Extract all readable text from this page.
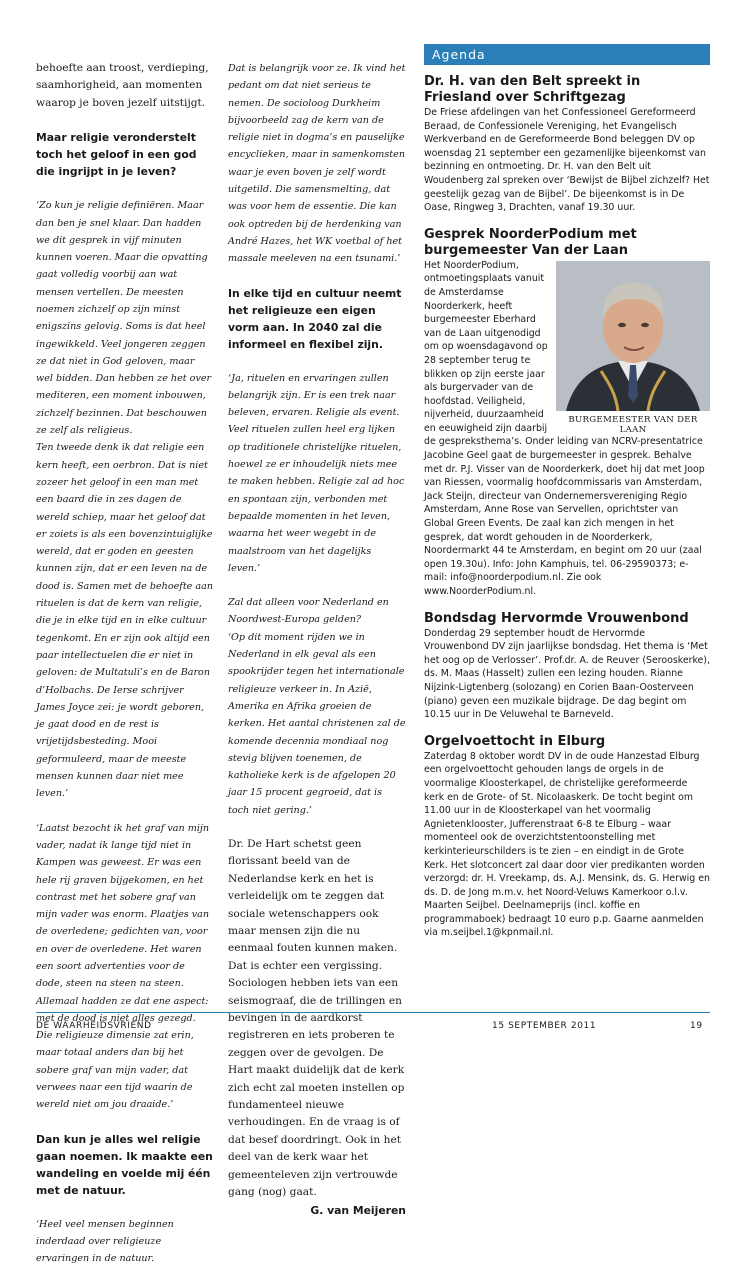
behoefte aan troost, verdieping, saamhorigheid, aan momenten waarop je boven jezelf uitstijgt.

Maar religie veronderstelt toch het geloof in een god die ingrijpt in je leven?

‘Zo kun je religie definiëren. Maar dan ben je snel klaar. Dan hadden we dit gesprek in vijf minuten kunnen voeren. Maar die opvatting gaat volledig voorbij aan wat mensen vertellen. De meesten noemen zichzelf op zijn minst enigszins gelovig. Soms is dat heel ingewikkeld. Veel jongeren zeggen ze dat niet in God geloven, maar wel bidden. Dan hebben ze het over mediteren, een moment inbouwen, zichzelf bezinnen. Dat beschouwen ze zelf als religieus.

Ten tweede denk ik dat religie een kern heeft, een oerbron. Dat is niet zozeer het geloof in een man met een baard die in zes dagen de wereld schiep, maar het geloof dat er zoiets is als een bovenzintuiglijke wereld, dat er goden en geesten kunnen zijn, dat er een leven na de dood is. Samen met de behoefte aan rituelen is dat de kern van religie, die je in elke tijd en in elke cultuur tegenkomt. En er zijn ook altijd een paar intellectuelen die er niet in geloven: de Multatuli’s en de Baron d’Holbachs. De Ierse schrijver James Joyce zei: je wordt geboren, je gaat dood en de rest is vrijetijdsbesteding. Mooi geformuleerd, maar de meeste mensen kunnen daar niet mee leven.’

‘Laatst bezocht ik het graf van mijn vader, nadat ik lange tijd niet in Kampen was geweest. Er was een hele rij graven bijgekomen, en het contrast met het sobere graf van mijn vader was enorm. Plaatjes van de overledene; gedichten van, voor en over de overledene. Het waren een soort advertenties voor de dode, steen na steen na steen. Allemaal hadden ze dat ene aspect: met de dood is niet alles gezegd. Die religieuze dimensie zat erin, maar totaal anders dan bij het sobere graf van mijn vader, dat verwees naar een tijd waarin de wereld niet om jou draaide.’

Dan kun je alles wel religie gaan noemen. Ik maakte een wandeling en voelde mij één met de natuur.

‘Heel veel mensen beginnen inderdaad over religieuze ervaringen in de natuur.

Dat is belangrijk voor ze. Ik vind het pedant om dat niet serieus te nemen. De socioloog Durkheim bijvoorbeeld zag de kern van de religie niet in dogma’s en pauselijke encyclieken, maar in samenkomsten waar je even boven je zelf wordt uitgetild. Die samensmelting, dat was voor hem de essentie. Die kan ook optreden bij de herdenking van André Hazes, het WK voetbal of het massale meeleven na een tsunami.’

In elke tijd en cultuur neemt het religieuze een eigen vorm aan. In 2040 zal die informeel en flexibel zijn.

‘Ja, rituelen en ervaringen zullen belangrijk zijn. Er is een trek naar beleven, ervaren. Religie als event. Veel rituelen zullen heel erg lijken op traditionele christelijke rituelen, hoewel ze er inhoudelijk niets mee te maken hebben. Religie zal ad hoc en spontaan zijn, verbonden met bepaalde momenten in het leven, waarna het weer wegebt in de maalstroom van het dagelijks leven.’

Zal dat alleen voor Nederland en Noordwest-Europa gelden?

‘Op dit moment rijden we in Nederland in elk geval als een spookrijder tegen het internationale religieuze verkeer in. In Azië, Amerika en Afrika groeien de kerken. Het aantal christenen zal de komende decennia mondiaal nog stevig blijven toenemen, de katholieke kerk is de afgelopen 20 jaar 15 procent gegroeid, dat is toch niet gering.’

Dr. De Hart schetst geen florissant beeld van de Nederlandse kerk en het is verleidelijk om te zeggen dat sociale wetenschappers ook maar mensen zijn die nu eenmaal fouten kunnen maken. Dat is echter een vergissing. Sociologen hebben iets van een seismograaf, die de trillingen en bevingen in de aardkorst registreren en iets proberen te zeggen over de gevolgen. De Hart maakt duidelijk dat de kerk zich echt zal moeten instellen op fundamenteel nieuwe verhoudingen. En de vraag is of dat besef doordringt. Ook in het deel van de kerk waar het gemeenteleven zijn vertrouwde gang (nog) gaat.

G. van Meijeren

Agenda

Dr. H. van den Belt spreekt in Friesland over Schriftgezag

De Friese afdelingen van het Confessioneel Gereformeerd Beraad, de Confessionele Vereniging, het Evangelisch Werkverband en de Gereformeerde Bond beleggen DV op woensdag 21 september een gezamenlijke bijeenkomst van bezinning en ontmoeting. Dr. H. van den Belt uit Woudenberg zal spreken over ‘Bewijst de Bijbel zichzelf? Het geestelijk gezag van de Bijbel’. De bijeenkomst is in De Oase, Ringweg 3, Drachten, vanaf 19.30 uur.

Gesprek NoorderPodium met burgemeester Van der Laan

BURGEMEESTER VAN DER LAAN

Het NoorderPodium, ontmoetingsplaats vanuit de Amsterdamse Noorderkerk, heeft burgemeester Eberhard van de Laan uitgenodigd om op woensdagavond op 28 september terug te blikken op zijn eerste jaar als burgervader van de hoofdstad. Veiligheid, nijverheid, duurzaamheid en eeuwigheid zijn daarbij de gespreksthema’s. Onder leiding van NCRV-presentatrice Jacobine Geel gaat de burgemeester in gesprek. Behalve met dr. P.J. Visser van de Noorderkerk, doet hij dat met Joop van Riessen, voormalig hoofdcommissaris van Amsterdam, Jack Steijn, directeur van Ondernemersvereniging Regio Amsterdam, Anne Rose van Servellen, oprichtster van Global Green Events. De zaal kan zich mengen in het gesprek, dat wordt gehouden in de Noorderkerk, Noordermarkt 44 te Amsterdam, en begint om 20 uur (zaal open 19.30u). Info: John Kamphuis, tel. 06-29590373; e-mail: info@noorderpodium.nl. Zie ook www.NoorderPodium.nl.

Bondsdag Hervormde Vrouwenbond

Donderdag 29 september houdt de Hervormde Vrouwenbond DV zijn jaarlijkse bondsdag. Het thema is ‘Met het oog op de Verlosser’. Prof.dr. A. de Reuver (Serooskerke), ds. M. Maas (Hasselt) zullen een lezing houden. Rianne Nijzink-Ligtenberg (solozang) en Corien Baan-Oosterveen (piano) geven een muzikale bijdrage. De dag begint om 10.15 uur in De Veluwehal te Barneveld.

Orgelvoettocht in Elburg

Zaterdag 8 oktober wordt DV in de oude Hanzestad Elburg een orgelvoettocht gehouden langs de orgels in de voormalige Kloosterkapel, de christelijke gereformeerde kerk en de Grote- of St. Nicolaaskerk. De tocht begint om 11.00 uur in de Kloosterkapel van het voormalig Agnietenklooster, Jufferenstraat 6-8 te Elburg – waar momenteel ook de overzichtstentoonstelling met kerkinterieurschilders is te zien – en eindigt in de Grote Kerk. Het slotconcert zal daar door vier predikanten worden verzorgd: dr. H. Vreekamp, ds. A.J. Mensink, ds. G. Herwig en ds. D. de Jong m.m.v. het Noord-Veluws Kamerkoor o.l.v. Maarten Seijbel. Deelnameprijs (incl. koffie en programmaboek) bedraagt 10 euro p.p. Gaarne aanmelden via m.seijbel.1@kpnmail.nl.

DE WAARHEIDSVRIEND	15 SEPTEMBER 2011	19
